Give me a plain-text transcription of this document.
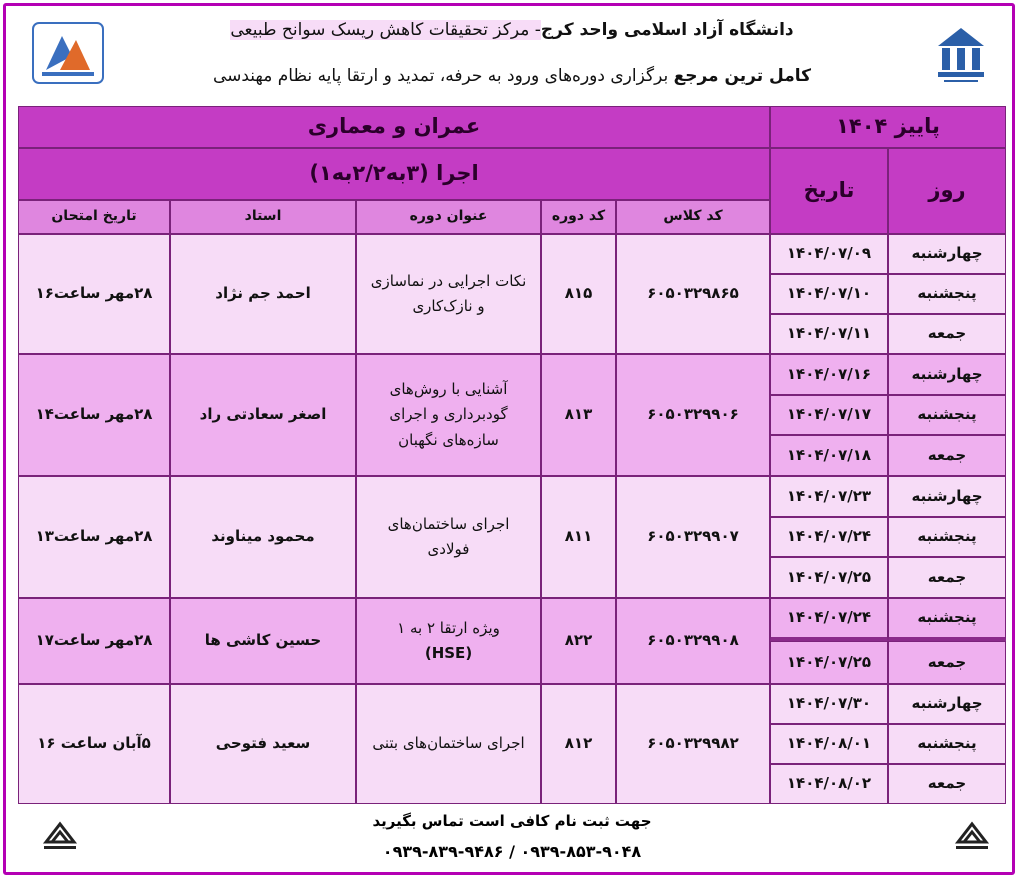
دانشگاه آزاد اسلامی واحد کرج- مرکز تحقیقات کاهش ریسک سوانح طبیعی
کامل ترین مرجع برگزاری دوره‌های ورود به حرفه، تمدید و ارتقا پایه نظام مهندسی
پاییز ۱۴۰۴
عمران و معماری
اجرا (۳به۲/۲به۱)
روز
تاریخ
کد کلاس
کد دوره
عنوان دوره
استاد
تاریخ امتحان
چهارشنبه
۱۴۰۴/۰۷/۰۹
پنجشنبه
۱۴۰۴/۰۷/۱۰
جمعه
۱۴۰۴/۰۷/۱۱
۶۰۵۰۳۲۹۸۶۵
۸۱۵
نکات اجرایی در نماسازی
و نازک‌کاری
احمد جم نژاد
۲۸مهر ساعت۱۶
چهارشنبه
۱۴۰۴/۰۷/۱۶
پنجشنبه
۱۴۰۴/۰۷/۱۷
جمعه
۱۴۰۴/۰۷/۱۸
۶۰۵۰۳۲۹۹۰۶
۸۱۳
آشنایی با روش‌های
گودبرداری و اجرای
سازه‌های نگهبان
اصغر سعادتی راد
۲۸مهر ساعت۱۴
چهارشنبه
۱۴۰۴/۰۷/۲۳
پنجشنبه
۱۴۰۴/۰۷/۲۴
جمعه
۱۴۰۴/۰۷/۲۵
۶۰۵۰۳۲۹۹۰۷
۸۱۱
اجرای ساختمان‌های
فولادی
محمود میناوند
۲۸مهر ساعت۱۳
پنجشنبه
۱۴۰۴/۰۷/۲۴
جمعه
۱۴۰۴/۰۷/۲۵
۶۰۵۰۳۲۹۹۰۸
۸۲۲
ویژه ارتقا ۲ به ۱
(HSE)
حسین کاشی ها
۲۸مهر ساعت۱۷
چهارشنبه
۱۴۰۴/۰۷/۳۰
پنجشنبه
۱۴۰۴/۰۸/۰۱
جمعه
۱۴۰۴/۰۸/۰۲
۶۰۵۰۳۲۹۹۸۲
۸۱۲
اجرای ساختمان‌های بتنی
سعید فتوحی
۵آبان ساعت ۱۶
جهت ثبت نام کافی است تماس بگیرید
۰۹۳۹-۸۵۳-۹۰۴۸ / ۰۹۳۹-۸۳۹-۹۴۸۶
